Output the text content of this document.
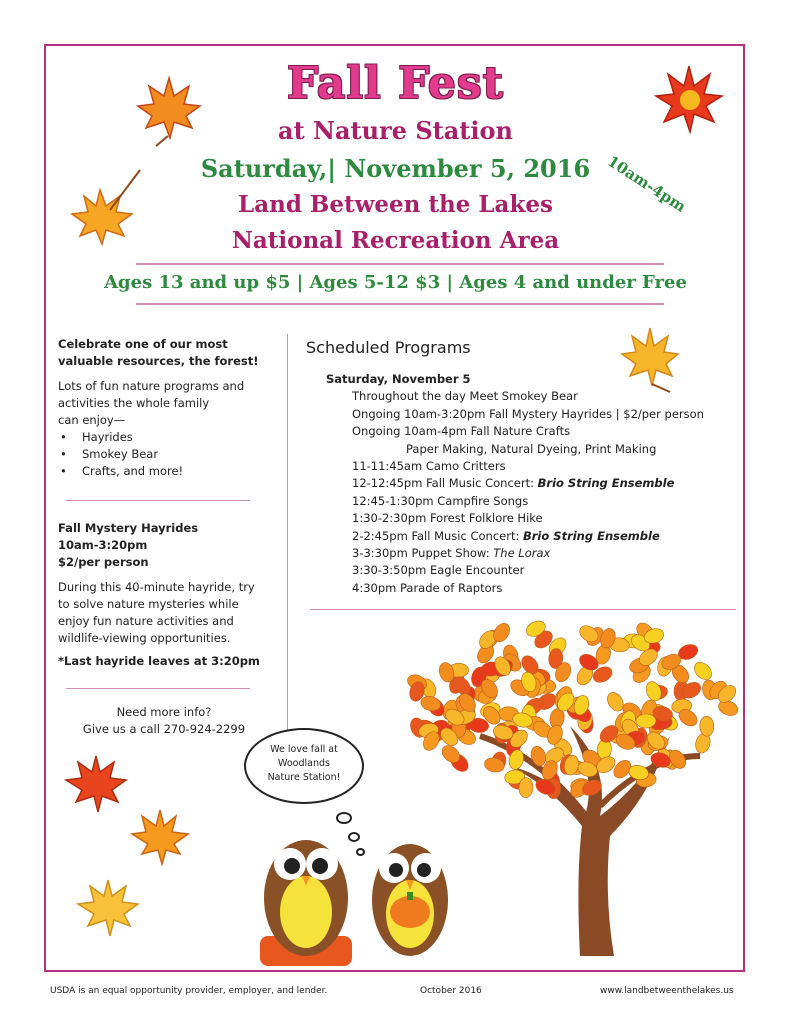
Fall Fest
at Nature Station
Saturday,| November 5, 2016
Land Between the Lakes
National Recreation Area
10am-4pm
Ages 13 and up $5 | Ages 5-12 $3 | Ages 4 and under Free

Celebrate one of our most valuable resources, the forest!

Lots of fun nature programs and

activities the whole family

can enjoy—

• Hayrides
• Smokey Bear
• Crafts, and more!

Fall Mystery Hayrides

10am-3:20pm

$2/per person

During this 40-minute hayride, try

to solve nature mysteries while

enjoy fun nature activities and

wildlife-viewing opportunities.

*Last hayride leaves at 3:20pm

Need more info?
Give us a call 270-924-2299
Scheduled Programs
Saturday, November 5
Throughout the day Meet Smokey Bear
Ongoing 10am-3:20pm Fall Mystery Hayrides | $2/per person
Ongoing 10am-4pm Fall Nature Crafts
Paper Making, Natural Dyeing, Print Making
11-11:45am Camo Critters
12-12:45pm Fall Music Concert: Brio String Ensemble
12:45-1:30pm Campfire Songs
1:30-2:30pm Forest Folklore Hike
2-2:45pm Fall Music Concert: Brio String Ensemble
3-3:30pm Puppet Show: The Lorax
3:30-3:50pm Eagle Encounter
4:30pm Parade of Raptors
We love fall at
Woodlands
Nature Station!
USDA is an equal opportunity provider, employer, and lender.	October 2016	www.landbetweenthelakes.us
